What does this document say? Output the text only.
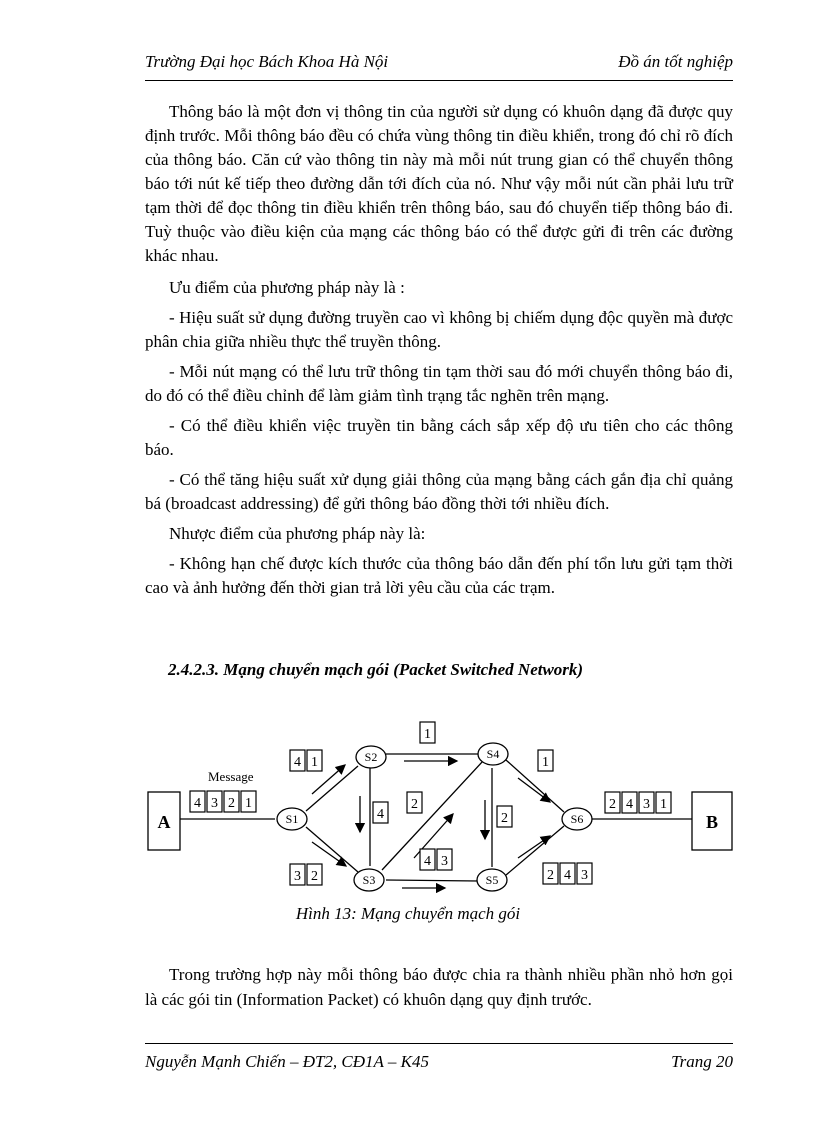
Trường Đại học Bách Khoa Hà Nội	Đồ án tốt nghiệp

Thông báo là một đơn vị thông tin của người sử dụng có khuôn dạng đã được quy định trước. Mỗi thông báo đều có chứa vùng thông tin điều khiển, trong đó chỉ rõ đích của thông báo. Căn cứ vào thông tin này mà mỗi nút trung gian có thể chuyển thông báo tới nút kế tiếp theo đường dẫn tới đích của nó. Như vậy mỗi nút cần phải lưu trữ tạm thời để đọc thông tin điều khiển trên thông báo, sau đó chuyển tiếp thông báo đi. Tuỳ thuộc vào điều kiện của mạng các thông báo có thể được gửi đi trên các đường khác nhau.

Ưu điểm của phương pháp này là :

- Hiệu suất sử dụng đường truyền cao vì không bị chiếm dụng độc quyền mà được phân chia giữa nhiều thực thể truyền thông.

- Mỗi nút mạng có thể lưu trữ thông tin tạm thời sau đó mới chuyển thông báo đi, do đó có thể điều chỉnh để làm giảm tình trạng tắc nghẽn trên mạng.

- Có thể điều khiển việc truyền tin bằng cách sắp xếp độ ưu tiên cho các thông báo.

- Có thể tăng hiệu suất xử dụng giải thông của mạng bằng cách gắn địa chỉ quảng bá (broadcast addressing) để gửi thông báo đồng thời tới nhiều đích.

Nhược điểm của phương pháp này là:

- Không hạn chế được kích thước của thông báo dẫn đến phí tổn lưu gửi tạm thời cao và ảnh hưởng đến thời gian trả lời yêu cầu của các trạm.

2.4.2.3. Mạng chuyển mạch gói (Packet Switched Network)
A	B
Message
S1
S2
S3
S4
S5
S6
4 3 2 1
4 1
3 2
1
4
2
4 3
2
1
2 4 3
2 4 3 1
Hình 13: Mạng chuyển mạch gói

Trong trường hợp này mỗi thông báo được chia ra thành nhiều phần nhỏ hơn gọi là các gói tin (Information Packet) có khuôn dạng quy định trước.

Nguyễn Mạnh Chiến – ĐT2, CĐ1A – K45	Trang 20
